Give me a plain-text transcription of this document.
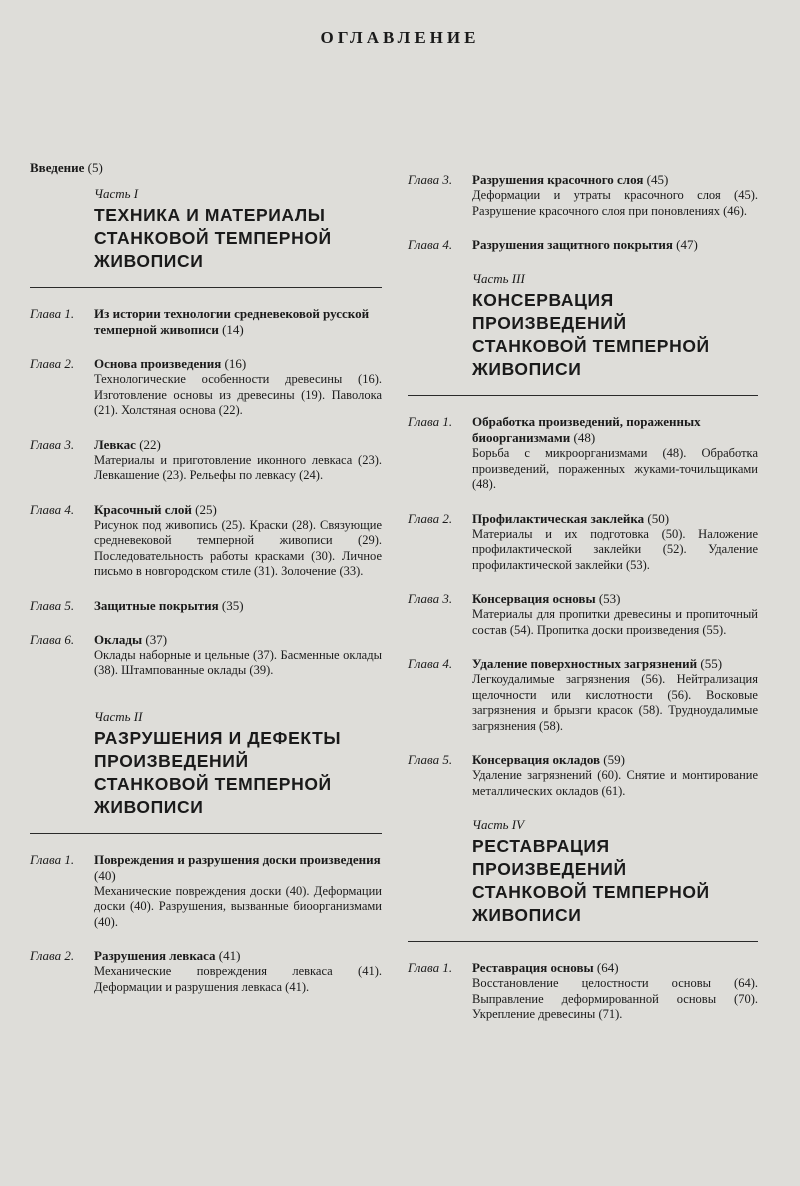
ОГЛАВЛЕНИЕ
Введение (5)
Часть I
ТЕХНИКА И МАТЕРИАЛЫ
СТАНКОВОЙ ТЕМПЕРНОЙ
ЖИВОПИСИ
Глава 1.	Из истории технологии средневековой русской темперной живописи (14)
Глава 2.	Основа произведения (16)
Технологические особенности древесины (16). Изготовление основы из древесины (19). Паволока (21). Холстяная основа (22).
Глава 3.	Левкас (22)
Материалы и приготовление иконного левкаса (23). Левкашение (23). Рельефы по левкасу (24).
Глава 4.	Красочный слой (25)
Рисунок под живопись (25). Краски (28). Связующие средневековой темперной живописи (29). Последовательность работы красками (30). Личное письмо в новгородском стиле (31). Золочение (33).
Глава 5.	Защитные покрытия (35)
Глава 6.	Оклады (37)
Оклады наборные и цельные (37). Басменные оклады (38). Штампованные оклады (39).
Часть II
РАЗРУШЕНИЯ И ДЕФЕКТЫ
ПРОИЗВЕДЕНИЙ
СТАНКОВОЙ ТЕМПЕРНОЙ
ЖИВОПИСИ
Глава 1.	Повреждения и разрушения доски произведения (40)
Механические повреждения доски (40). Деформации доски (40). Разрушения, вызванные биоорганизмами (40).
Глава 2.	Разрушения левкаса (41)
Механические повреждения левкаса (41). Деформации и разрушения левкаса (41).
Глава 3.	Разрушения красочного слоя (45)
Деформации и утраты красочного слоя (45). Разрушение красочного слоя при поновлениях (46).
Глава 4.	Разрушения защитного покрытия (47)
Часть III
КОНСЕРВАЦИЯ
ПРОИЗВЕДЕНИЙ
СТАНКОВОЙ ТЕМПЕРНОЙ
ЖИВОПИСИ
Глава 1.	Обработка произведений, пораженных биоорганизмами (48)
Борьба с микроорганизмами (48). Обработка произведений, пораженных жуками-точильщиками (48).
Глава 2.	Профилактическая заклейка (50)
Материалы и их подготовка (50). Наложение профилактической заклейки (52). Удаление профилактической заклейки (53).
Глава 3.	Консервация основы (53)
Материалы для пропитки древесины и пропиточный состав (54). Пропитка доски произведения (55).
Глава 4.	Удаление поверхностных загрязнений (55)
Легкоудалимые загрязнения (56). Нейтрализация щелочности или кислотности (56). Восковые загрязнения и брызги красок (58). Трудноудалимые загрязнения (58).
Глава 5.	Консервация окладов (59)
Удаление загрязнений (60). Снятие и монтирование металлических окладов (61).
Часть IV
РЕСТАВРАЦИЯ
ПРОИЗВЕДЕНИЙ
СТАНКОВОЙ ТЕМПЕРНОЙ
ЖИВОПИСИ
Глава 1.	Реставрация основы (64)
Восстановление целостности основы (64). Выправление деформированной основы (70). Укрепление древесины (71).
